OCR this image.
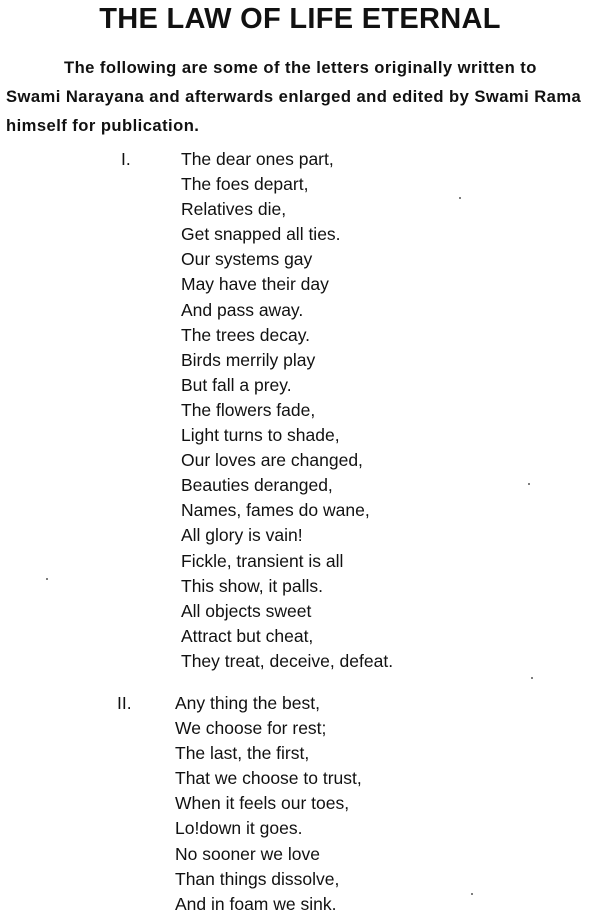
THE LAW OF LIFE ETERNAL

The following are some of the letters originally written to
Swami Narayana and afterwards enlarged and edited by Swami Rama
himself for publication.

I.	The dear ones part,
The foes depart,
Relatives die,
Get snapped all ties.
Our systems gay
May have their day
And pass away.
The trees decay.
Birds merrily play
But fall a prey.
The flowers fade,
Light turns to shade,
Our loves are changed,
Beauties deranged,
Names, fames do wane,
All glory is vain!
Fickle, transient is all
This show, it palls.
All objects sweet
Attract but cheat,
They treat, deceive, defeat.

II. Any thing the best,
We choose for rest;
The last, the first,
That we choose to trust,
When it feels our toes,
Lo!down it goes.
No sooner we love
Than things dissolve,
And in foam we sink.
